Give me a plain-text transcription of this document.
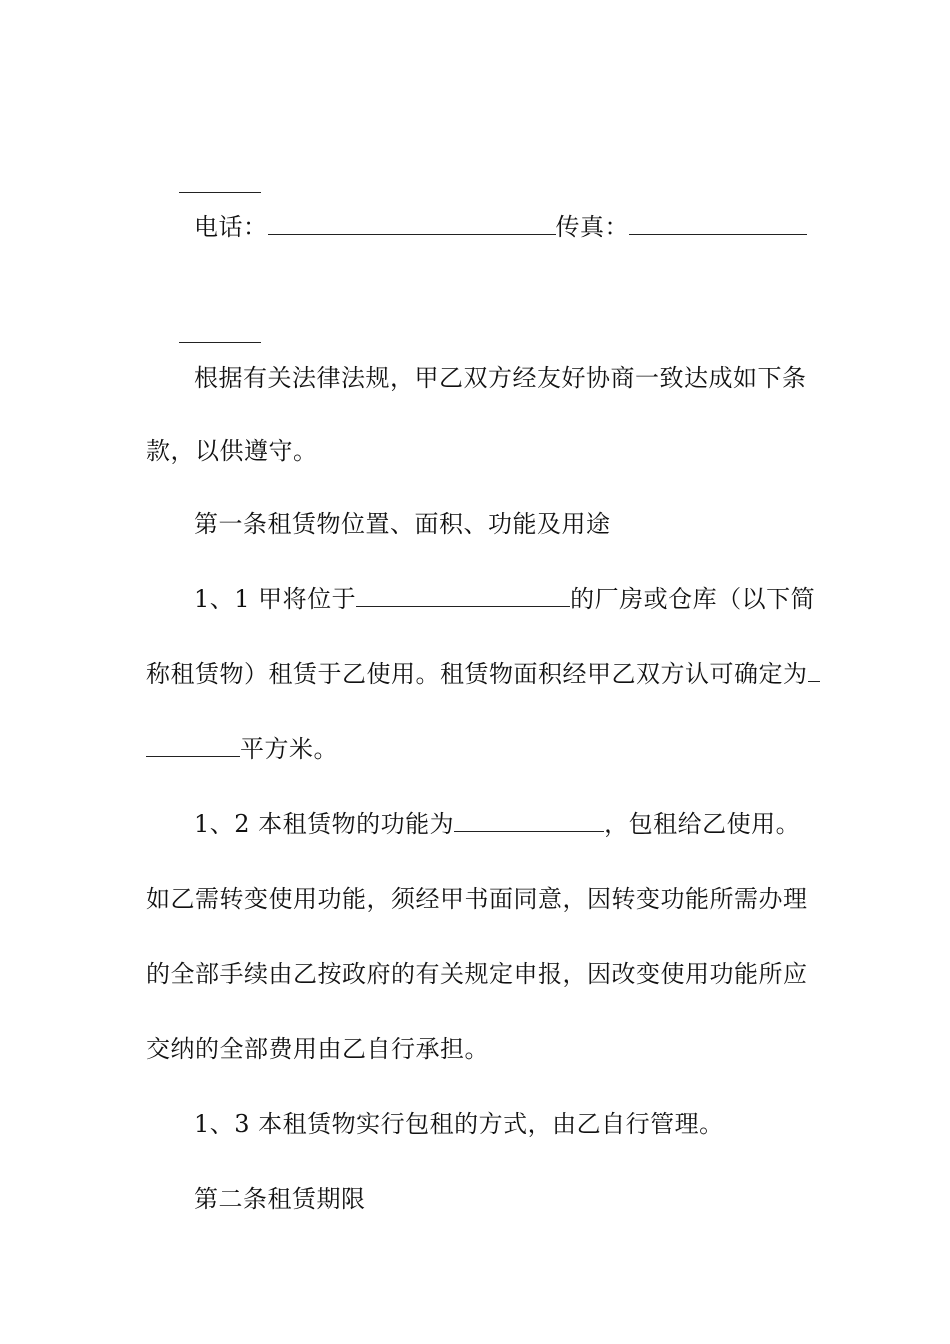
电话：	传真：

根据有关法律法规，甲乙双方经友好协商一致达成如下条
款，以供遵守。
第一条租赁物位置、面积、功能及用途
1、1 甲将位于	的厂房或仓库（以下简
称租赁物）租赁于乙使用。租赁物面积经甲乙双方认可确定为
平方米。
1、2 本租赁物的功能为	，包租给乙使用。
如乙需转变使用功能，须经甲书面同意，因转变功能所需办理
的全部手续由乙按政府的有关规定申报，因改变使用功能所应
交纳的全部费用由乙自行承担。
1、3 本租赁物实行包租的方式，由乙自行管理。
第二条租赁期限
